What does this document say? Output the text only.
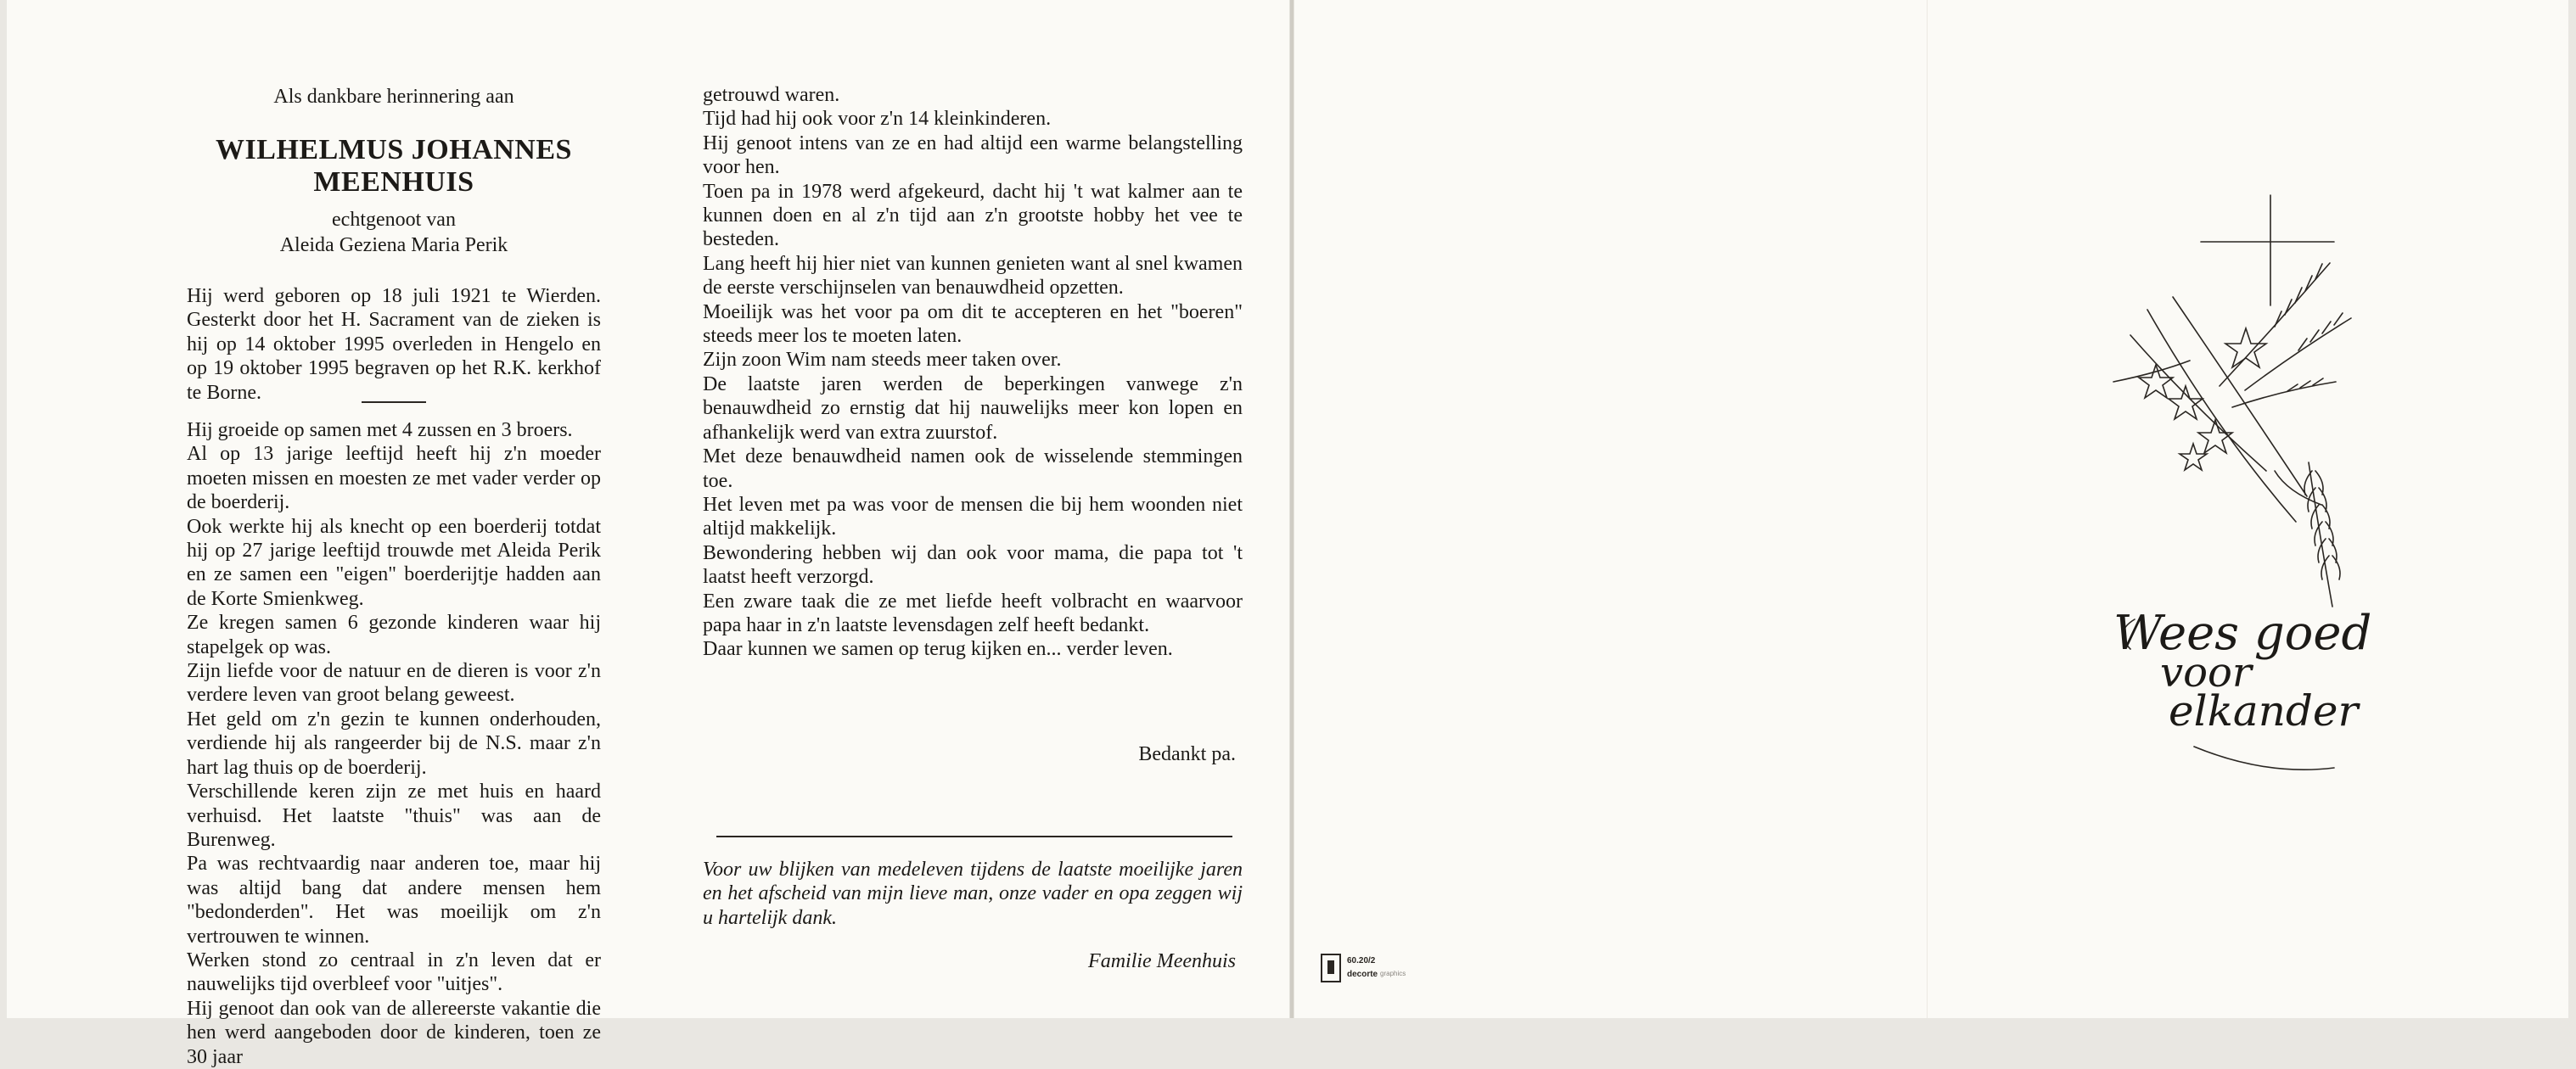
Als dankbare herinnering aan
WILHELMUS JOHANNES
MEENHUIS
echtgenoot van
Aleida Geziena Maria Perik

Hij werd geboren op 18 juli 1921 te Wierden. Gesterkt door het H. Sacrament van de zieken is hij op 14 oktober 1995 overleden in Hengelo en op 19 oktober 1995 begraven op het R.K. kerkhof te Borne.

Hij groeide op samen met 4 zussen en 3 broers.

Al op 13 jarige leeftijd heeft hij z'n moeder moeten missen en moesten ze met vader verder op de boerderij.

Ook werkte hij als knecht op een boerderij totdat hij op 27 jarige leeftijd trouwde met Aleida Perik en ze samen een "eigen" boerderijtje hadden aan de Korte Smienkweg.

Ze kregen samen 6 gezonde kinderen waar hij stapelgek op was.

Zijn liefde voor de natuur en de dieren is voor z'n verdere leven van groot belang geweest.

Het geld om z'n gezin te kunnen onderhouden, verdiende hij als rangeerder bij de N.S. maar z'n hart lag thuis op de boerderij.

Verschillende keren zijn ze met huis en haard verhuisd. Het laatste "thuis" was aan de Burenweg.

Pa was rechtvaardig naar anderen toe, maar hij was altijd bang dat andere mensen hem "bedonderden". Het was moeilijk om z'n vertrouwen te winnen.

Werken stond zo centraal in z'n leven dat er nauwelijks tijd overbleef voor "uitjes".

Hij genoot dan ook van de allereerste vakantie die hen werd aangeboden door de kinderen, toen ze 30 jaar

getrouwd waren.

Tijd had hij ook voor z'n 14 kleinkinderen.

Hij genoot intens van ze en had altijd een warme belangstelling voor hen.

Toen pa in 1978 werd afgekeurd, dacht hij 't wat kalmer aan te kunnen doen en al z'n tijd aan z'n grootste hobby het vee te besteden.

Lang heeft hij hier niet van kunnen genieten want al snel kwamen de eerste verschijnselen van benauwdheid opzetten.

Moeilijk was het voor pa om dit te accepteren en het "boeren" steeds meer los te moeten laten.

Zijn zoon Wim nam steeds meer taken over.

De laatste jaren werden de beperkingen vanwege z'n benauwdheid zo ernstig dat hij nauwelijks meer kon lopen en afhankelijk werd van extra zuurstof.

Met deze benauwdheid namen ook de wisselende stemmingen toe.

Het leven met pa was voor de mensen die bij hem woonden niet altijd makkelijk.

Bewondering hebben wij dan ook voor mama, die papa tot 't laatst heeft verzorgd.

Een zware taak die ze met liefde heeft volbracht en waarvoor papa haar in z'n laatste levensdagen zelf heeft bedankt.

Daar kunnen we samen op terug kijken en... verder leven.

Bedankt pa.

Voor uw blijken van medeleven tijdens de laatste moeilijke jaren en het afscheid van mijn lieve man, onze vader en opa zeggen wij u hartelijk dank.

Familie Meenhuis	60.20/2
decorte graphics
Wees goed
voor
elkander
